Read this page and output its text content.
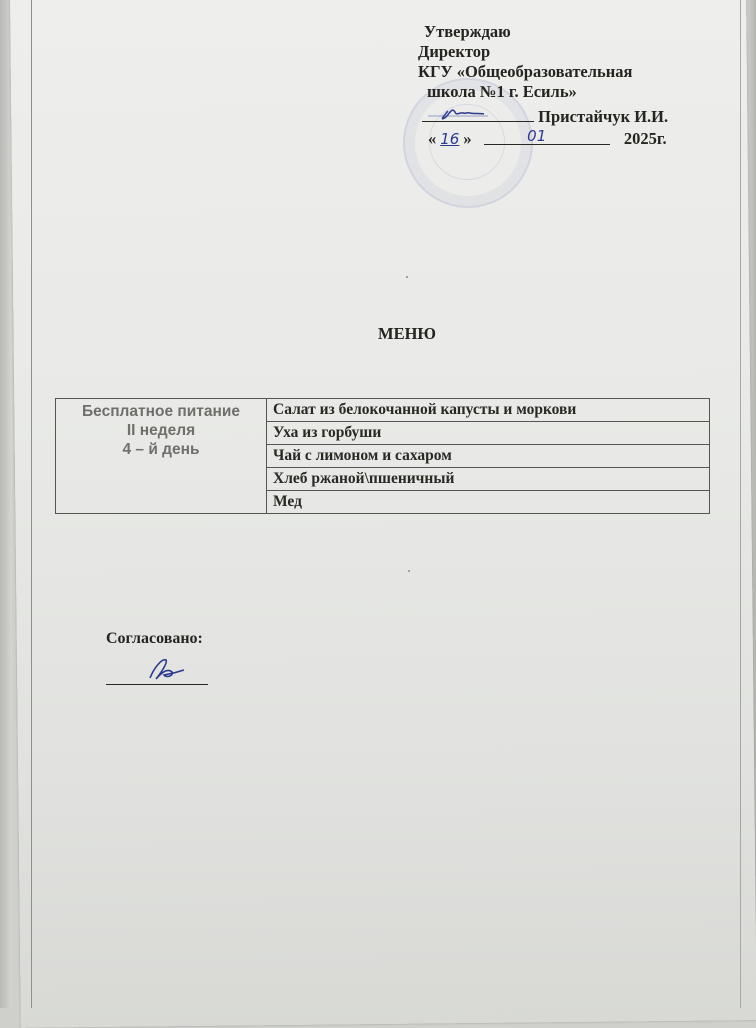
Утверждаю
Директор
КГУ «Общеобразовательная
школа №1 г. Есиль»
Пристайчук И.И.
« 16 »	01	2025г.
МЕНЮ
Бесплатное питание
II неделя
4 – й день
	Салат из белокочанной капусты и моркови
Уха из горбуши
Чай с лимоном и сахаром
Хлеб ржаной\пшеничный
Мед
Согласовано:
